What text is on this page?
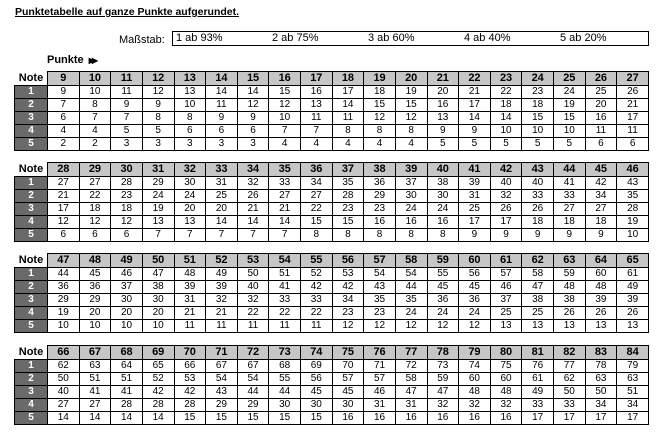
Punktetabelle auf ganze Punkte aufgerundet.
Maßstab: 1 ab 93%	2 ab 75%	3 ab 60%	4 ab 40%	5 ab 20%
Punkte ▶▶
Note	9	10	11	12	13	14	15	16	17	18	19	20	21	22	23	24	25	26	27
1	9	10	11	12	13	14	14	15	16	17	18	19	20	21	22	23	24	25	26
2	7	8	9	9	10	11	12	12	13	14	15	15	16	17	18	18	19	20	21
3	6	7	7	8	8	9	9	10	11	11	12	12	13	14	14	15	15	16	17
4	4	4	5	5	6	6	6	7	7	8	8	8	9	9	10	10	10	11	11
5	2	2	3	3	3	3	3	4	4	4	4	4	5	5	5	5	5	6	6
Note	28	29	30	31	32	33	34	35	36	37	38	39	40	41	42	43	44	45	46
1	27	27	28	29	30	31	32	33	34	35	36	37	38	39	40	40	41	42	43
2	21	22	23	24	24	25	26	27	27	28	29	30	30	31	32	33	33	34	35
3	17	18	18	19	20	20	21	21	22	23	23	24	24	25	26	26	27	27	28
4	12	12	12	13	13	14	14	14	15	15	16	16	16	17	17	18	18	18	19
5	6	6	6	7	7	7	7	7	8	8	8	8	8	9	9	9	9	9	10
Note	47	48	49	50	51	52	53	54	55	56	57	58	59	60	61	62	63	64	65
1	44	45	46	47	48	49	50	51	52	53	54	54	55	56	57	58	59	60	61
2	36	36	37	38	39	39	40	41	42	42	43	44	45	45	46	47	48	48	49
3	29	29	30	30	31	32	32	33	33	34	35	35	36	36	37	38	38	39	39
4	19	20	20	20	21	21	22	22	22	23	23	24	24	24	25	25	26	26	26
5	10	10	10	10	11	11	11	11	11	12	12	12	12	12	13	13	13	13	13
Note	66	67	68	69	70	71	72	73	74	75	76	77	78	79	80	81	82	83	84
1	62	63	64	65	66	67	67	68	69	70	71	72	73	74	75	76	77	78	79
2	50	51	51	52	53	54	54	55	56	57	57	58	59	60	60	61	62	63	63
3	40	41	41	42	42	43	44	44	45	45	46	47	47	48	48	49	50	50	51
4	27	27	28	28	28	29	29	30	30	30	31	31	32	32	32	33	33	34	34
5	14	14	14	14	15	15	15	15	15	16	16	16	16	16	16	17	17	17	17
